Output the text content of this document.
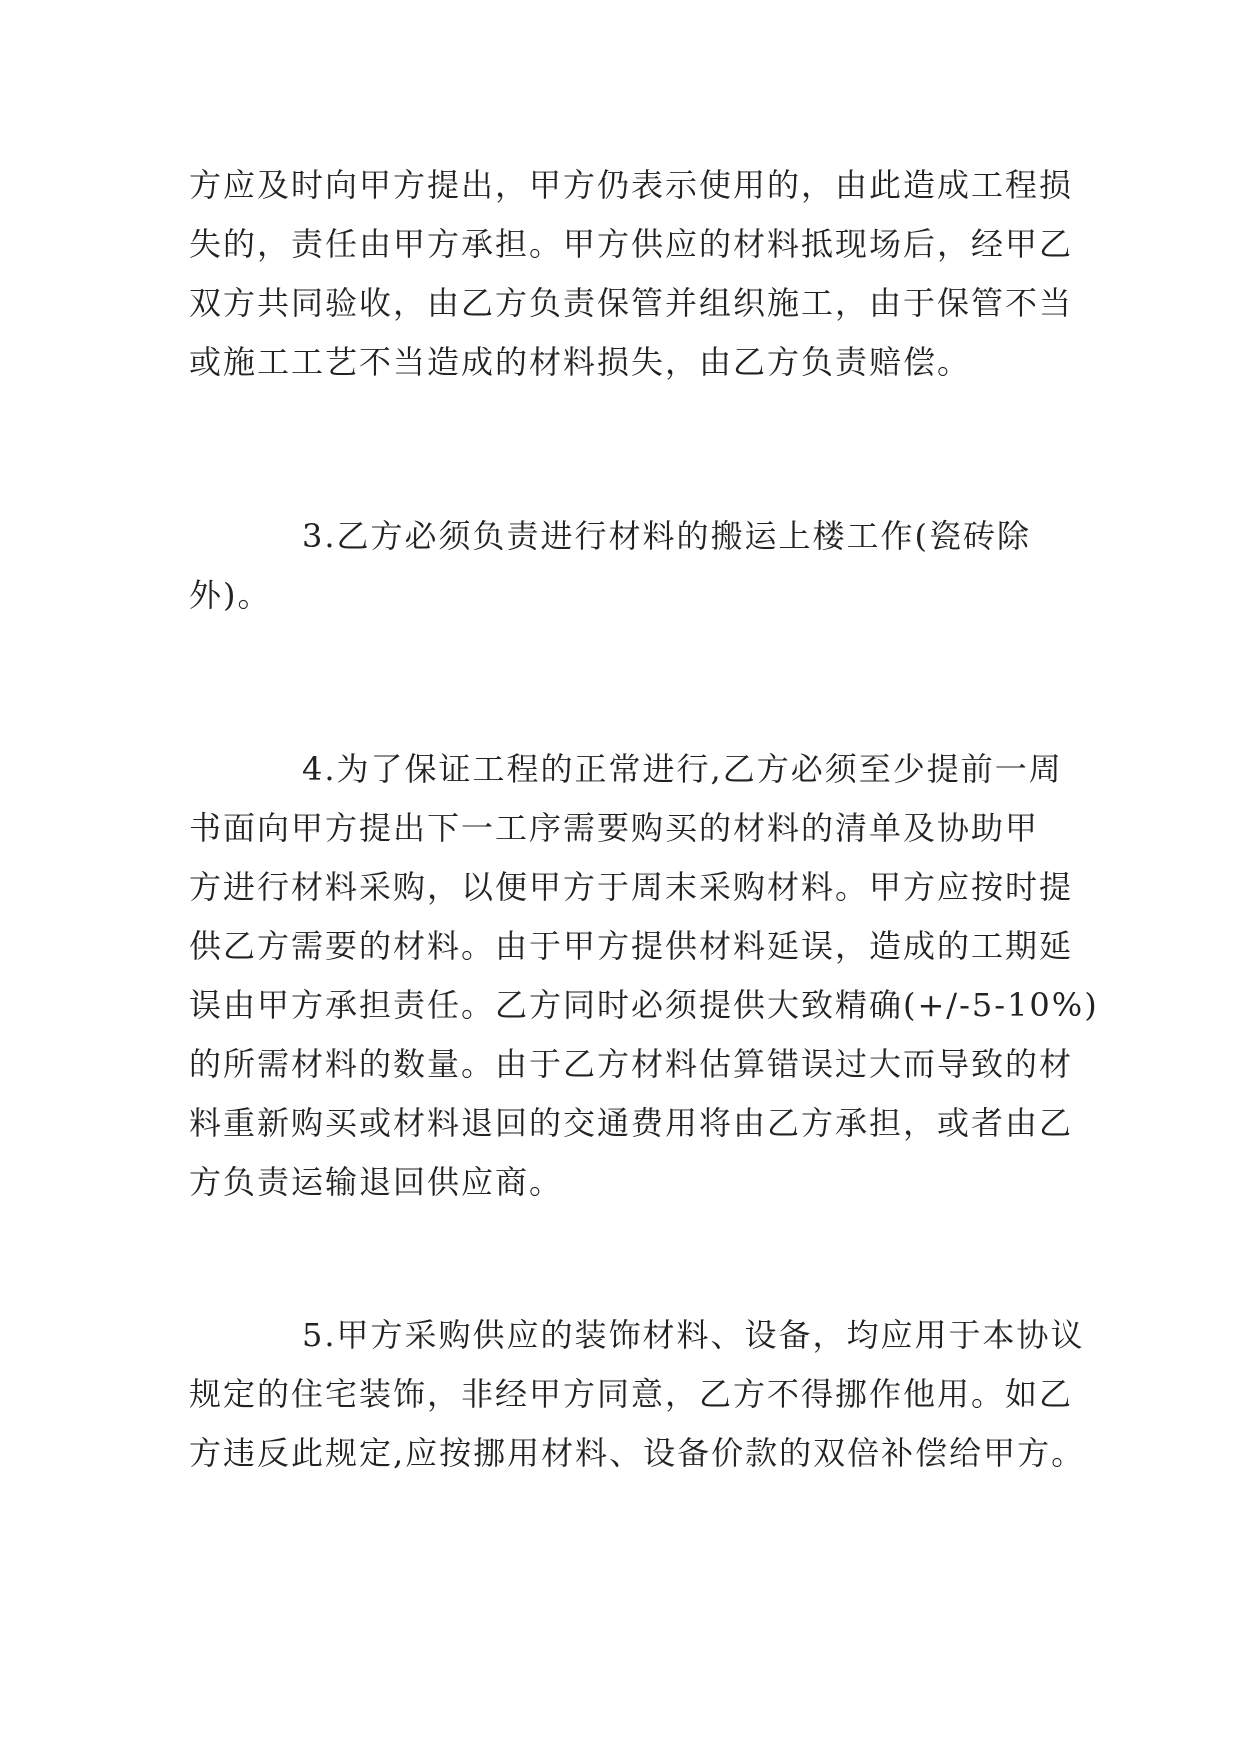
方应及时向甲方提出，甲方仍表示使用的，由此造成工程损
失的，责任由甲方承担。甲方供应的材料抵现场后，经甲乙
双方共同验收，由乙方负责保管并组织施工，由于保管不当
或施工工艺不当造成的材料损失，由乙方负责赔偿。

3.乙方必须负责进行材料的搬运上楼工作(瓷砖除
外)。

4.为了保证工程的正常进行,乙方必须至少提前一周
书面向甲方提出下一工序需要购买的材料的清单及协助甲
方进行材料采购，以便甲方于周末采购材料。甲方应按时提
供乙方需要的材料。由于甲方提供材料延误，造成的工期延
误由甲方承担责任。乙方同时必须提供大致精确(+/-5-10%)
的所需材料的数量。由于乙方材料估算错误过大而导致的材
料重新购买或材料退回的交通费用将由乙方承担，或者由乙
方负责运输退回供应商。

5.甲方采购供应的装饰材料、设备，均应用于本协议
规定的住宅装饰，非经甲方同意，乙方不得挪作他用。如乙
方违反此规定,应按挪用材料、设备价款的双倍补偿给甲方。
